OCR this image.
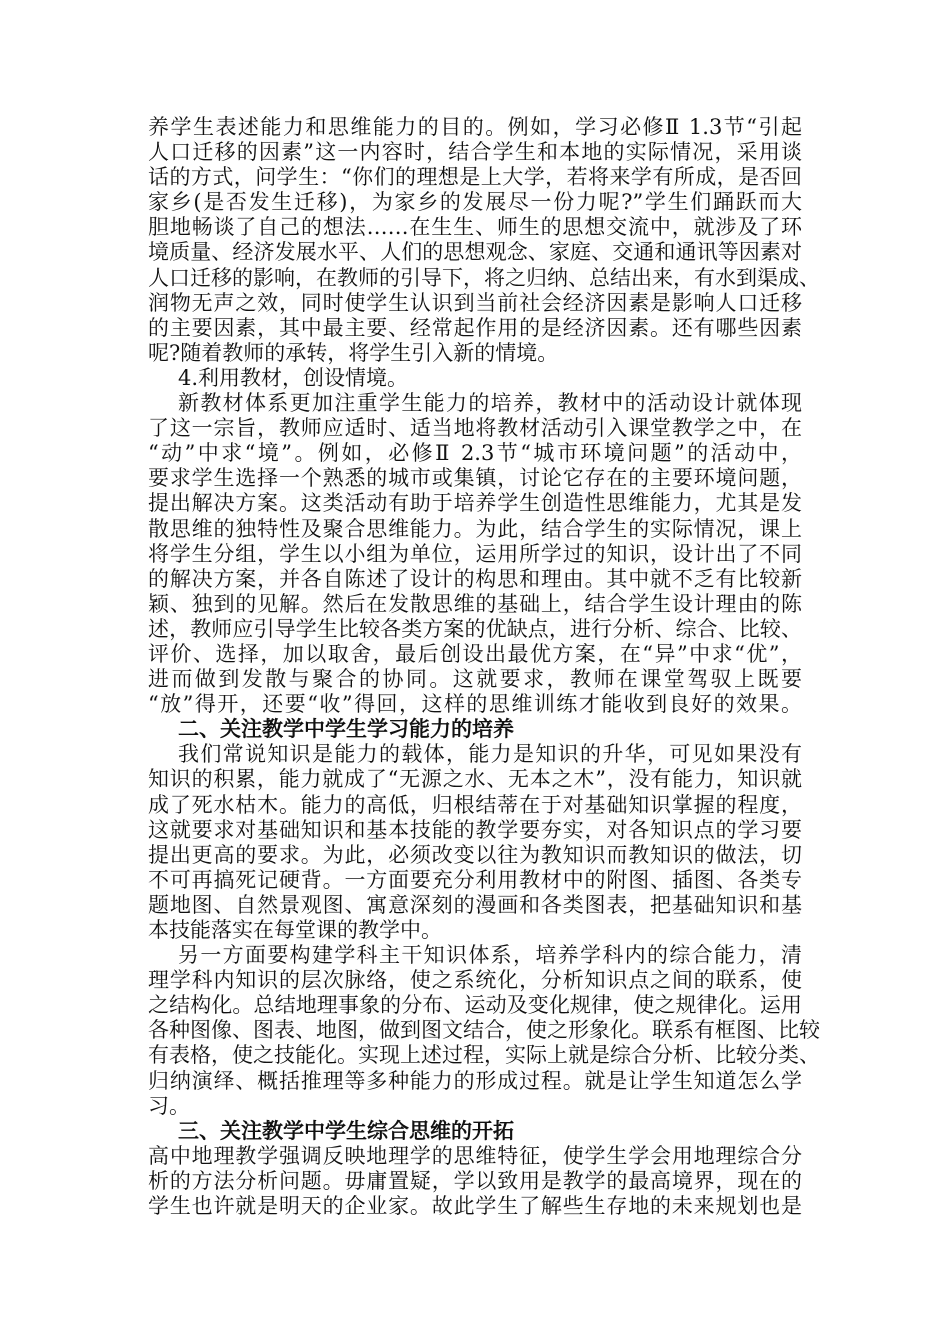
养学生表述能力和思维能力的目的。例如，学习必修Ⅱ 1.3节“引起
人口迁移的因素”这一内容时，结合学生和本地的实际情况，采用谈
话的方式，问学生：“你们的理想是上大学，若将来学有所成，是否回
家乡(是否发生迁移)，为家乡的发展尽一份力呢?”学生们踊跃而大
胆地畅谈了自己的想法……在生生、师生的思想交流中，就涉及了环
境质量、经济发展水平、人们的思想观念、家庭、交通和通讯等因素对
人口迁移的影响，在教师的引导下，将之归纳、总结出来，有水到渠成、
润物无声之效，同时使学生认识到当前社会经济因素是影响人口迁移
的主要因素，其中最主要、经常起作用的是经济因素。还有哪些因素
呢?随着教师的承转，将学生引入新的情境。
4.利用教材，创设情境。
新教材体系更加注重学生能力的培养，教材中的活动设计就体现
了这一宗旨，教师应适时、适当地将教材活动引入课堂教学之中，在
“动”中求“境”。例如，必修Ⅱ 2.3节“城市环境问题”的活动中，
要求学生选择一个熟悉的城市或集镇，讨论它存在的主要环境问题，
提出解决方案。这类活动有助于培养学生创造性思维能力，尤其是发
散思维的独特性及聚合思维能力。为此，结合学生的实际情况，课上
将学生分组，学生以小组为单位，运用所学过的知识，设计出了不同
的解决方案，并各自陈述了设计的构思和理由。其中就不乏有比较新
颖、独到的见解。然后在发散思维的基础上，结合学生设计理由的陈
述，教师应引导学生比较各类方案的优缺点，进行分析、综合、比较、
评价、选择，加以取舍，最后创设出最优方案，在“异”中求“优”，
进而做到发散与聚合的协同。这就要求，教师在课堂驾驭上既要
“放”得开，还要“收”得回，这样的思维训练才能收到良好的效果。
二、关注教学中学生学习能力的培养
我们常说知识是能力的载体，能力是知识的升华，可见如果没有
知识的积累，能力就成了“无源之水、无本之木”，没有能力，知识就
成了死水枯木。能力的高低，归根结蒂在于对基础知识掌握的程度，
这就要求对基础知识和基本技能的教学要夯实，对各知识点的学习要
提出更高的要求。为此，必须改变以往为教知识而教知识的做法，切
不可再搞死记硬背。一方面要充分利用教材中的附图、插图、各类专
题地图、自然景观图、寓意深刻的漫画和各类图表，把基础知识和基
本技能落实在每堂课的教学中。
另一方面要构建学科主干知识体系，培养学科内的综合能力，清
理学科内知识的层次脉络，使之系统化，分析知识点之间的联系，使
之结构化。总结地理事象的分布、运动及变化规律，使之规律化。运用
各种图像、图表、地图，做到图文结合，使之形象化。联系有框图、比较
有表格，使之技能化。实现上述过程，实际上就是综合分析、比较分类、
归纳演绎、概括推理等多种能力的形成过程。就是让学生知道怎么学
习。
三、关注教学中学生综合思维的开拓
高中地理教学强调反映地理学的思维特征，使学生学会用地理综合分
析的方法分析问题。毋庸置疑，学以致用是教学的最高境界，现在的
学生也许就是明天的企业家。故此学生了解些生存地的未来规划也是
